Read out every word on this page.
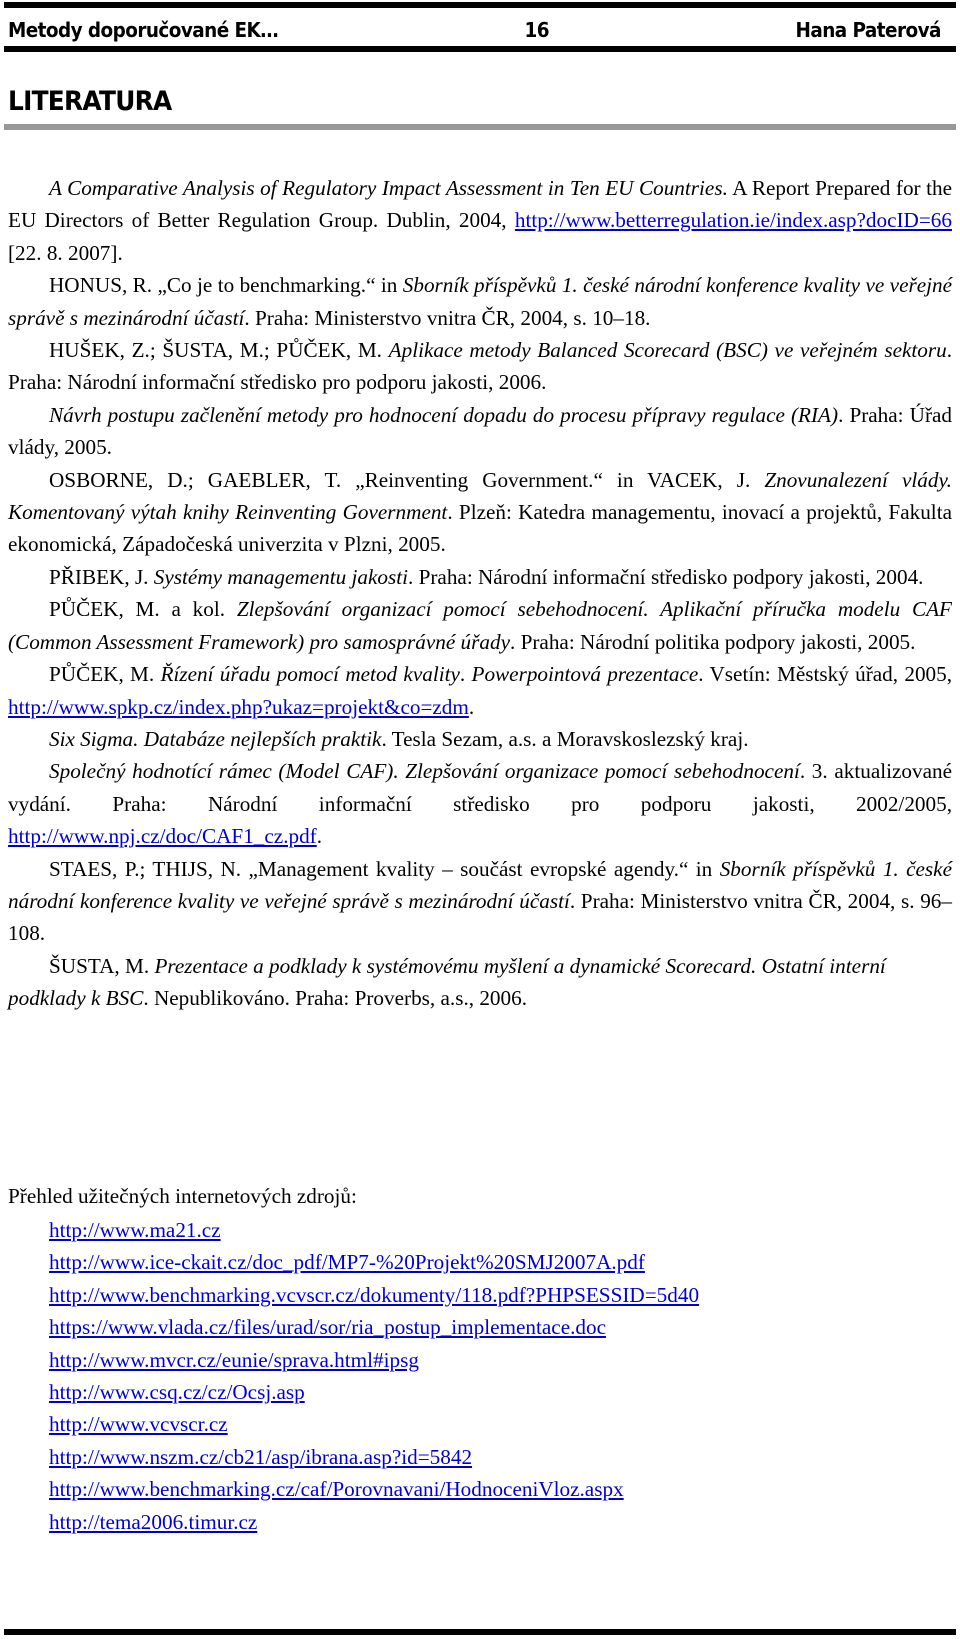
Metody doporučované EK…	16	Hana Paterová
LITERATURA

A Comparative Analysis of Regulatory Impact Assessment in Ten EU Countries. A Report Prepared for the EU Directors of Better Regulation Group. Dublin, 2004, http://www.betterregulation.ie/index.asp?docID=66 [22. 8. 2007].

HONUS, R. „Co je to benchmarking.“ in Sborník příspěvků 1. české národní konference kvality ve veřejné správě s mezinárodní účastí. Praha: Ministerstvo vnitra ČR, 2004, s. 10–18.

HUŠEK, Z.; ŠUSTA, M.; PŮČEK, M. Aplikace metody Balanced Scorecard (BSC) ve veřejném sektoru. Praha: Národní informační středisko pro podporu jakosti, 2006.

Návrh postupu začlenění metody pro hodnocení dopadu do procesu přípravy regulace (RIA). Praha: Úřad vlády, 2005.

OSBORNE, D.; GAEBLER, T. „Reinventing Government.“ in VACEK, J. Znovunalezení vlády. Komentovaný výtah knihy Reinventing Government. Plzeň: Katedra managementu, inovací a projektů, Fakulta ekonomická, Západočeská univerzita v Plzni, 2005.

PŘIBEK, J. Systémy managementu jakosti. Praha: Národní informační středisko podpory jakosti, 2004.

PŮČEK, M. a kol. Zlepšování organizací pomocí sebehodnocení. Aplikační příručka modelu CAF (Common Assessment Framework) pro samosprávné úřady. Praha: Národní politika podpory jakosti, 2005.

PŮČEK, M. Řízení úřadu pomocí metod kvality. Powerpointová prezentace. Vsetín: Městský úřad, 2005, http://www.spkp.cz/index.php?ukaz=projekt&co=zdm.

Six Sigma. Databáze nejlepších praktik. Tesla Sezam, a.s. a Moravskoslezský kraj.

Společný hodnotící rámec (Model CAF). Zlepšování organizace pomocí sebehodnocení. 3. aktualizované vydání. Praha: Národní informační středisko pro podporu jakosti, 2002/2005, http://www.npj.cz/doc/CAF1_cz.pdf.

STAES, P.; THIJS, N. „Management kvality – součást evropské agendy.“ in Sborník příspěvků 1. české národní konference kvality ve veřejné správě s mezinárodní účastí. Praha: Ministerstvo vnitra ČR, 2004, s. 96–108.

ŠUSTA, M. Prezentace a podklady k systémovému myšlení a dynamické Scorecard. Ostatní interní podklady k BSC. Nepublikováno. Praha: Proverbs, a.s., 2006.

Přehled užitečných internetových zdrojů:
http://www.ma21.cz
http://www.ice-ckait.cz/doc_pdf/MP7-%20Projekt%20SMJ2007A.pdf
http://www.benchmarking.vcvscr.cz/dokumenty/118.pdf?PHPSESSID=5d40
https://www.vlada.cz/files/urad/sor/ria_postup_implementace.doc
http://www.mvcr.cz/eunie/sprava.html#ipsg
http://www.csq.cz/cz/Ocsj.asp
http://www.vcvscr.cz
http://www.nszm.cz/cb21/asp/ibrana.asp?id=5842
http://www.benchmarking.cz/caf/Porovnavani/HodnoceniVloz.aspx
http://tema2006.timur.cz
